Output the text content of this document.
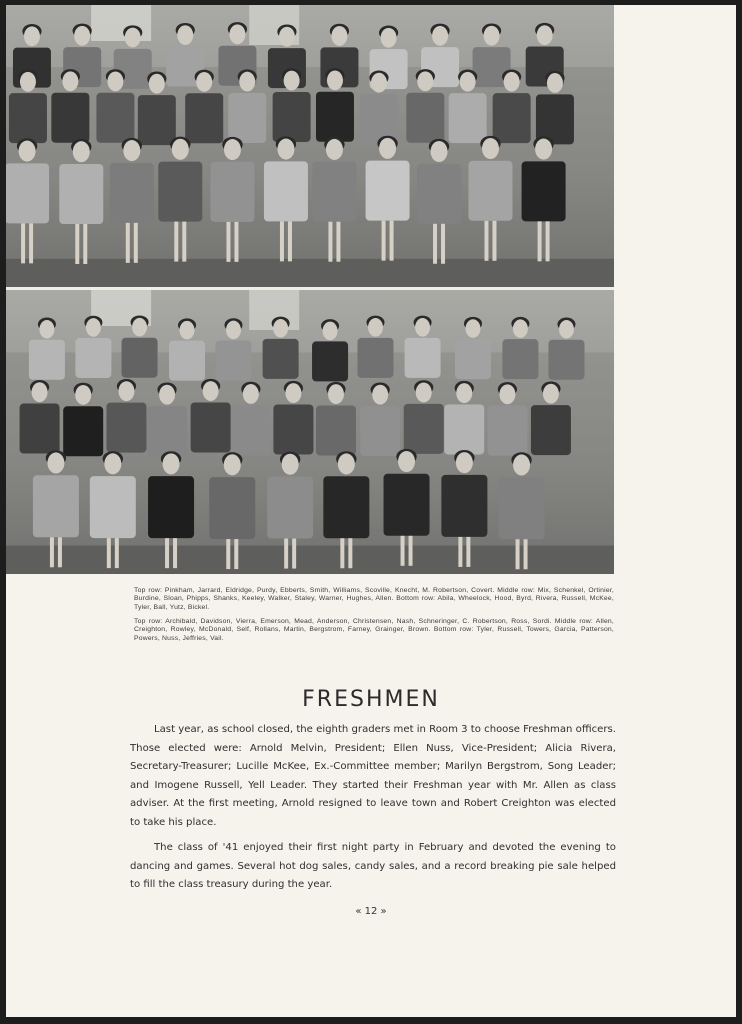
Top row: Pinkham, Jarrard, Eldridge, Purdy, Ebberts, Smith, Williams, Scoville, Knecht, M. Robertson, Covert. Middle row: Mix, Schenkel, Ortinier, Burdine, Sloan, Phipps, Shanks, Keeley, Walker, Staley, Warner, Hughes, Allen. Bottom row: Abila, Wheelock, Hood, Byrd, Rivera, Russell, McKee, Tyler, Ball, Yutz, Bickel.

Top row: Archibald, Davidson, Vierra, Emerson, Mead, Anderson, Christensen, Nash, Schneringer, C. Robertson, Ross, Sordi. Middle row: Allen, Creighton, Rowley, McDonald, Self, Rollans, Martin, Bergstrom, Farney, Grainger, Brown. Bottom row: Tyler, Russell, Towers, Garcia, Patterson, Powers, Nuss, Jeffries, Vail.

FRESHMEN

Last year, as school closed, the eighth graders met in Room 3 to choose Freshman officers. Those elected were: Arnold Melvin, President; Ellen Nuss, Vice-President; Alicia Rivera, Secretary-Treasurer; Lucille McKee, Ex.-Committee member; Marilyn Bergstrom, Song Leader; and Imogene Russell, Yell Leader. They started their Freshman year with Mr. Allen as class adviser. At the first meeting, Arnold resigned to leave town and Robert Creighton was elected to take his place.

The class of '41 enjoyed their first night party in February and devoted the evening to dancing and games. Several hot dog sales, candy sales, and a record breaking pie sale helped to fill the class treasury during the year.

« 12 »
